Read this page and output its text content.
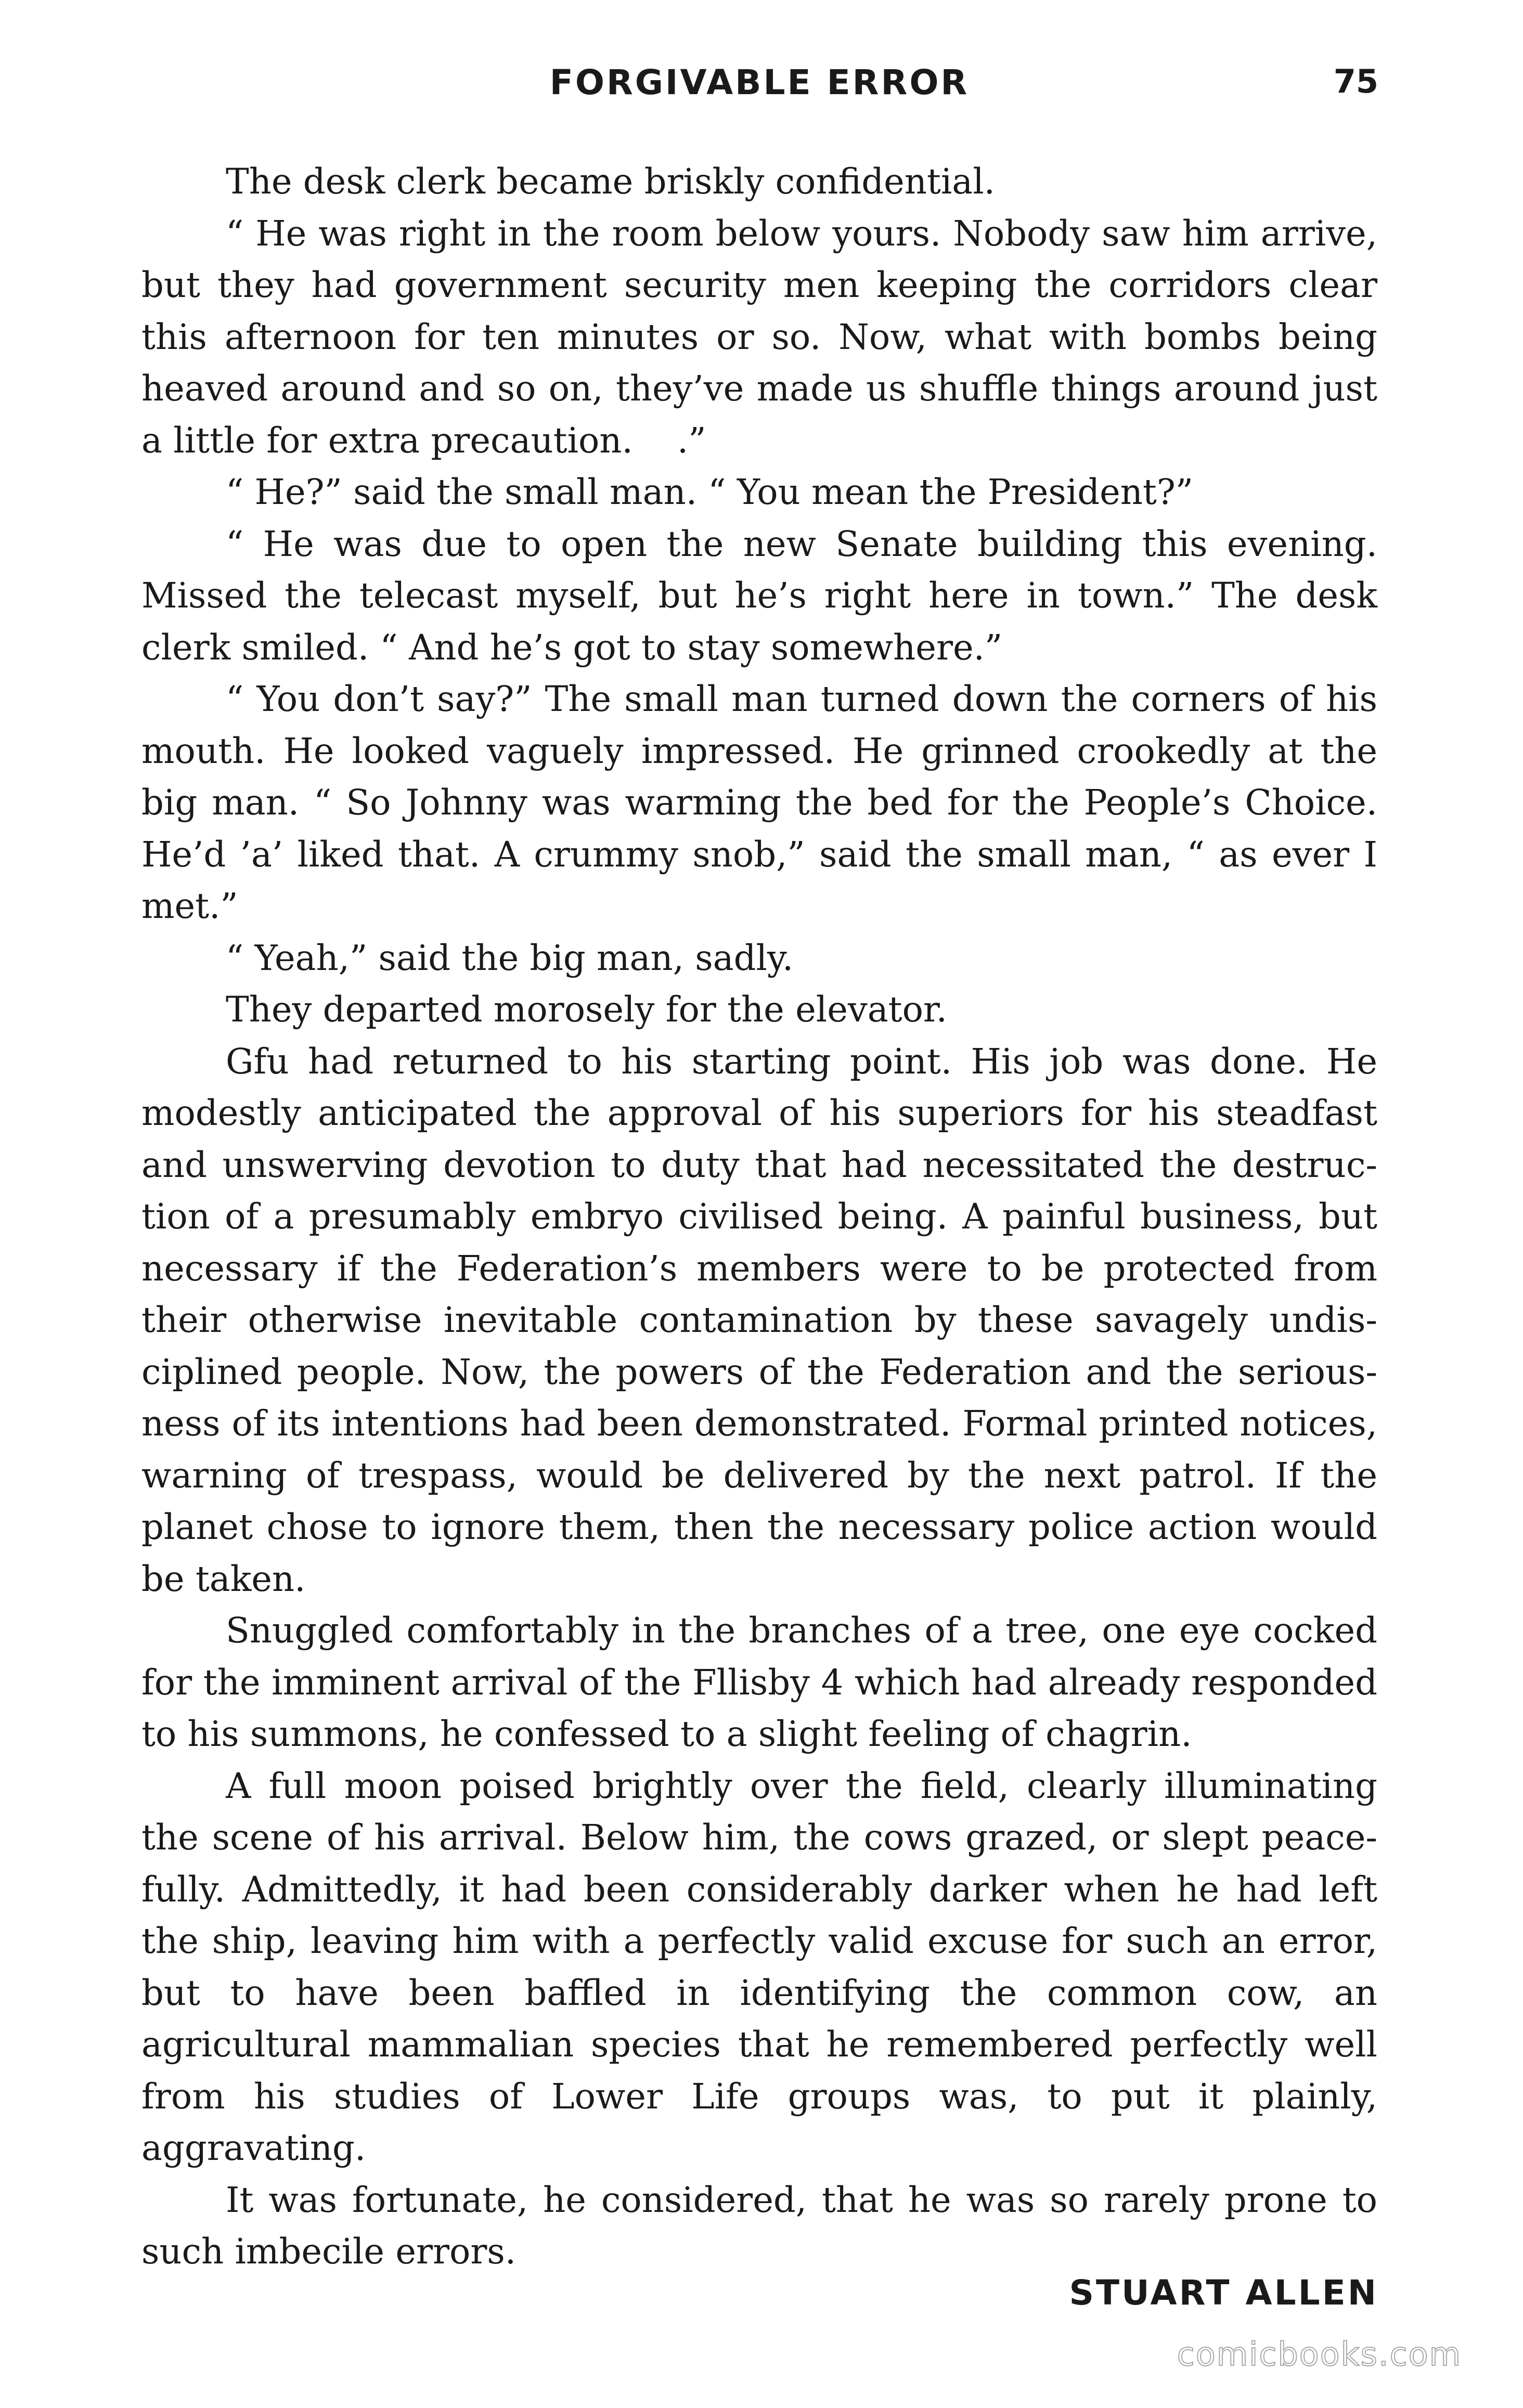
FORGIVABLE ERROR	75

The desk clerk became briskly confidential.

“ He was right in the room below yours. Nobody saw him arrive, but they had government security men keeping the corridors clear this afternoon for ten minutes or so. Now, what with bombs being heaved around and so on, they’ve made us shuffle things around just a little for extra precaution.    .”

“ He?” said the small man. “ You mean the President?”

“ He was due to open the new Senate building this evening. Missed the telecast myself, but he’s right here in town.” The desk clerk smiled. “ And he’s got to stay somewhere.”

“ You don’t say?” The small man turned down the corners of his mouth. He looked vaguely impressed. He grinned crookedly at the big man. “ So Johnny was warming the bed for the People’s Choice. He’d ’a’ liked that. A crummy snob,” said the small man, “ as ever I met.”

“ Yeah,” said the big man, sadly.

They departed morosely for the elevator.

Gfu had returned to his starting point. His job was done. He modestly anticipated the approval of his superiors for his steadfast and unswerving devotion to duty that had necessitated the destruction of a presumably embryo civilised being. A painful business, but necessary if the Federation’s members were to be protected from their otherwise inevitable contamination by these savagely undisciplined people. Now, the powers of the Federation and the seriousness of its intentions had been demonstrated. Formal printed notices, warning of trespass, would be delivered by the next patrol. If the planet chose to ignore them, then the necessary police action would be taken.

Snuggled comfortably in the branches of a tree, one eye cocked for the imminent arrival of the Fllisby 4 which had already responded to his summons, he confessed to a slight feeling of chagrin.

A full moon poised brightly over the field, clearly illuminating the scene of his arrival. Below him, the cows grazed, or slept peacefully. Admittedly, it had been considerably darker when he had left the ship, leaving him with a perfectly valid excuse for such an error, but to have been baffled in identifying the common cow, an agricultural mammalian species that he remembered perfectly well from his studies of Lower Life groups was, to put it plainly, aggravating.

It was fortunate, he considered, that he was so rarely prone to such imbecile errors.

STUART ALLEN
comicbooks.com
